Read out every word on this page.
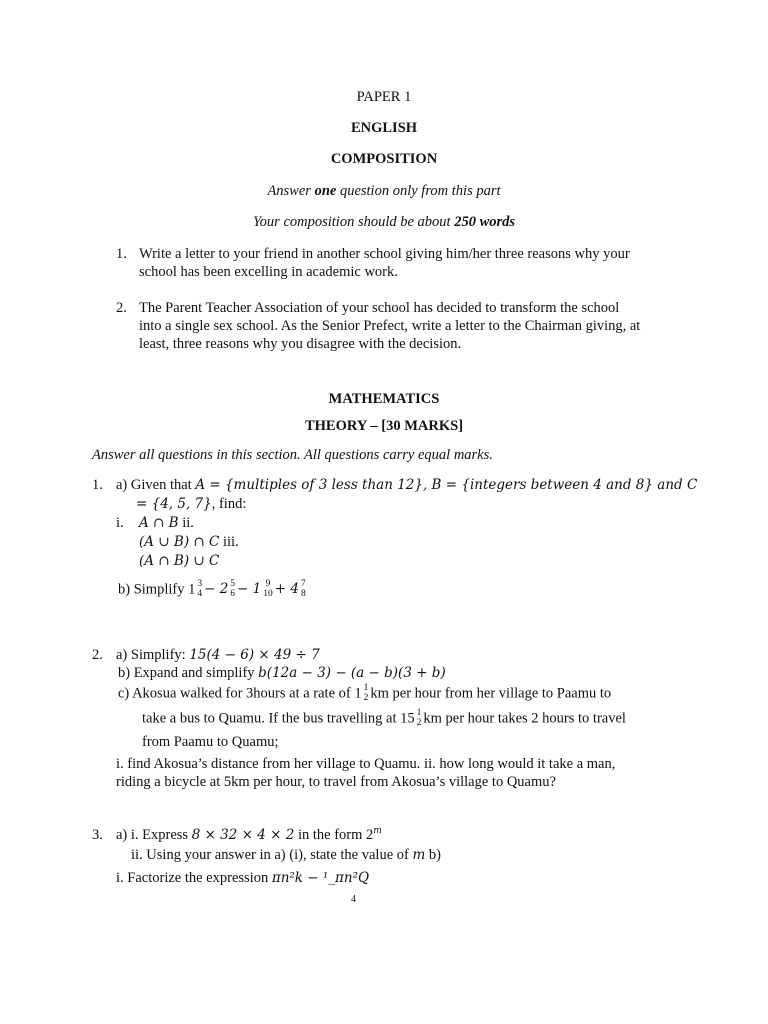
PAPER 1
ENGLISH
COMPOSITION
Answer one question only from this part
Your composition should be about 250 words
1. Write a letter to your friend in another school giving him/her three reasons why your
school has been excelling in academic work.
2. The Parent Teacher Association of your school has decided to transform the school
into a single sex school. As the Senior Prefect, write a letter to the Chairman giving, at
least, three reasons why you disagree with the decision.
MATHEMATICS
THEORY – [30 MARKS]
Answer all questions in this section. All questions carry equal marks.
1. a) Given that A = {multiples of 3 less than 12}, B = {integers between 4 and 8} and C
= {4, 5, 7}, find:
i. A ∩ B ii.
(A ∪ B) ∩ C iii.
(A ∩ B) ∪ C
b) Simplify 1 3
4 − 2 5
6 − 1 9
10 + 4 7
8
2. a) Simplify: 15(4 − 6) × 49 ÷ 7
b) Expand and simplify b(12a − 3) − (a − b)(3 + b)
c) Akosua walked for 3hours at a rate of 1 1
2 km per hour from her village to Paamu to
take a bus to Quamu. If the bus travelling at 15 1
2 km per hour takes 2 hours to travel
from Paamu to Quamu;
i. find Akosua’s distance from her village to Quamu. ii. how long would it take a man,
riding a bicycle at 5km per hour, to travel from Akosua’s village to Quamu?
3. a) i. Express 8 × 32 × 4 × 2 in the form 2$^m$
ii. Using your answer in a) (i), state the value of m b)
i. Factorize the expression πn²k − ¹_πn²Q
4
